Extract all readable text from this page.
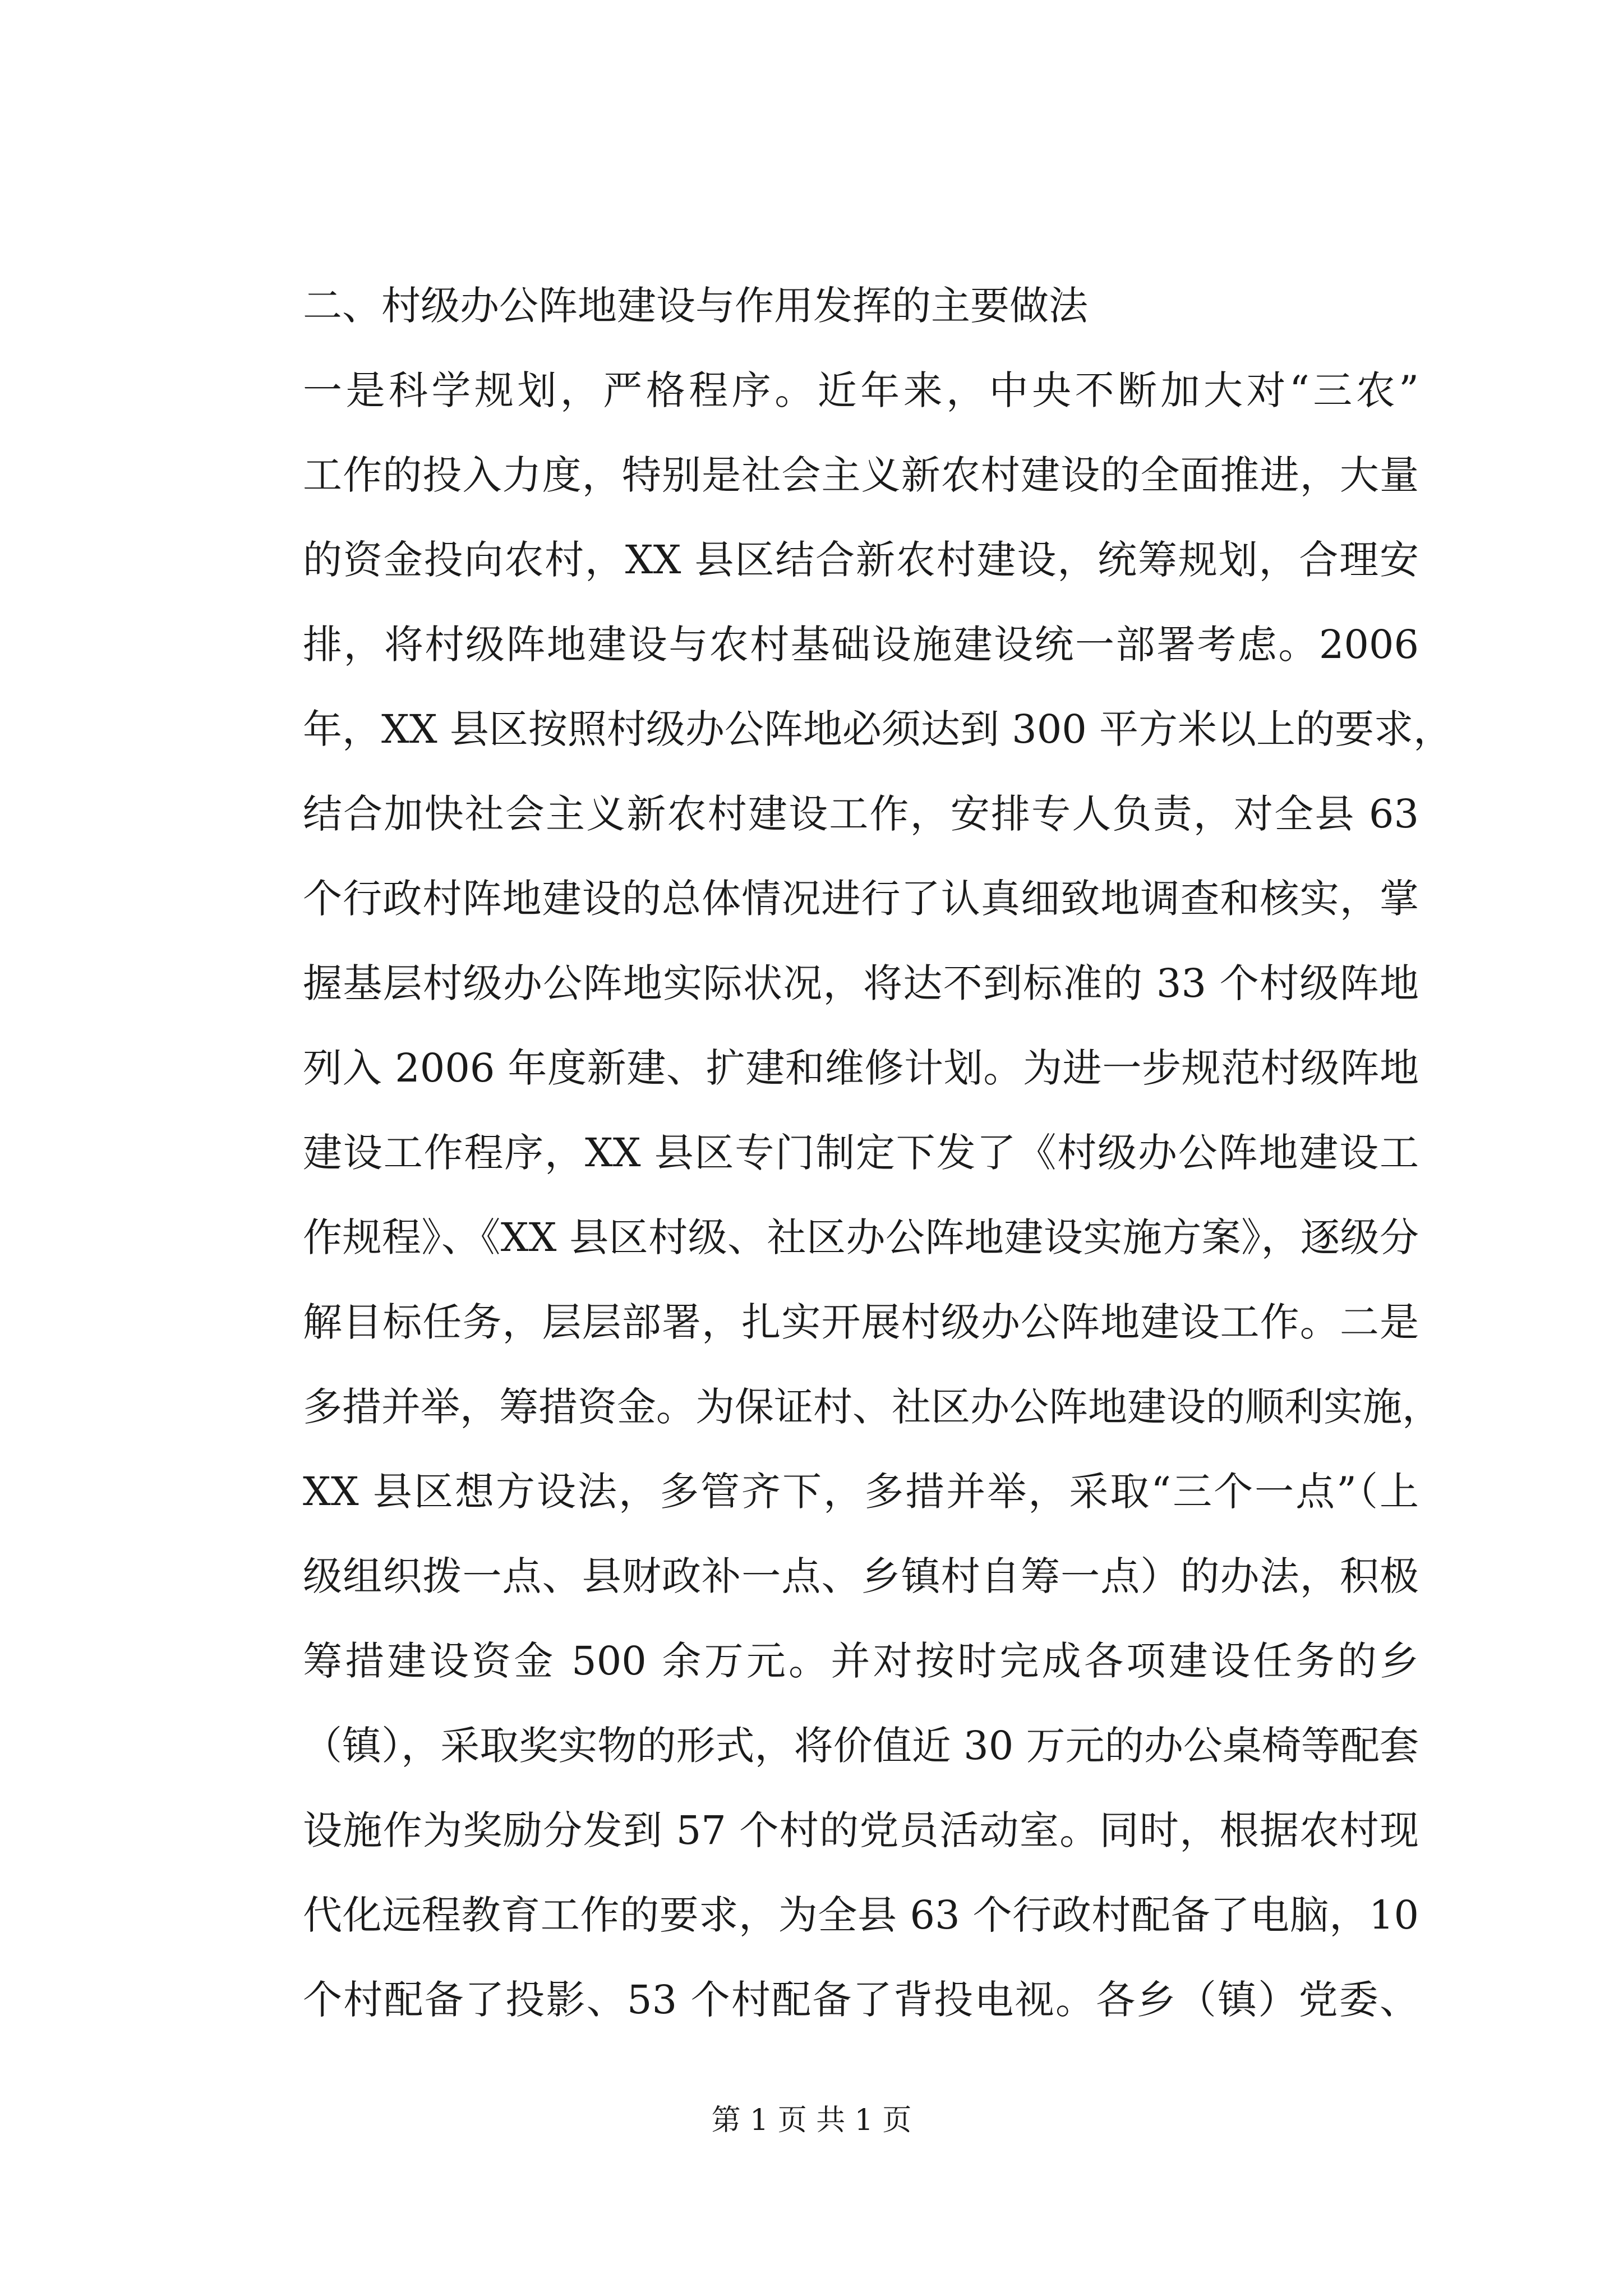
二、村级办公阵地建设与作用发挥的主要做法
一是科学规划，严格程序。近年来，中央不断加大对“三农”
工作的投入力度，特别是社会主义新农村建设的全面推进，大量
的资金投向农村，XX 县区结合新农村建设，统筹规划，合理安
排，将村级阵地建设与农村基础设施建设统一部署考虑。2006
年，XX 县区按照村级办公阵地必须达到 300 平方米以上的要求，
结合加快社会主义新农村建设工作，安排专人负责，对全县 63
个行政村阵地建设的总体情况进行了认真细致地调查和核实，掌
握基层村级办公阵地实际状况，将达不到标准的 33 个村级阵地
列入 2006 年度新建、扩建和维修计划。为进一步规范村级阵地
建设工作程序，XX 县区专门制定下发了《村级办公阵地建设工
作规程》、《XX 县区村级、社区办公阵地建设实施方案》，逐级分
解目标任务，层层部署，扎实开展村级办公阵地建设工作。二是
多措并举，筹措资金。为保证村、社区办公阵地建设的顺利实施，
XX 县区想方设法，多管齐下，多措并举，采取“三个一点”（上
级组织拨一点、县财政补一点、乡镇村自筹一点）的办法，积极
筹措建设资金 500 余万元。并对按时完成各项建设任务的乡
（镇），采取奖实物的形式，将价值近 30 万元的办公桌椅等配套
设施作为奖励分发到 57 个村的党员活动室。同时，根据农村现
代化远程教育工作的要求，为全县 63 个行政村配备了电脑，10
个村配备了投影、53 个村配备了背投电视。各乡（镇）党委、
第 1 页 共 1 页
